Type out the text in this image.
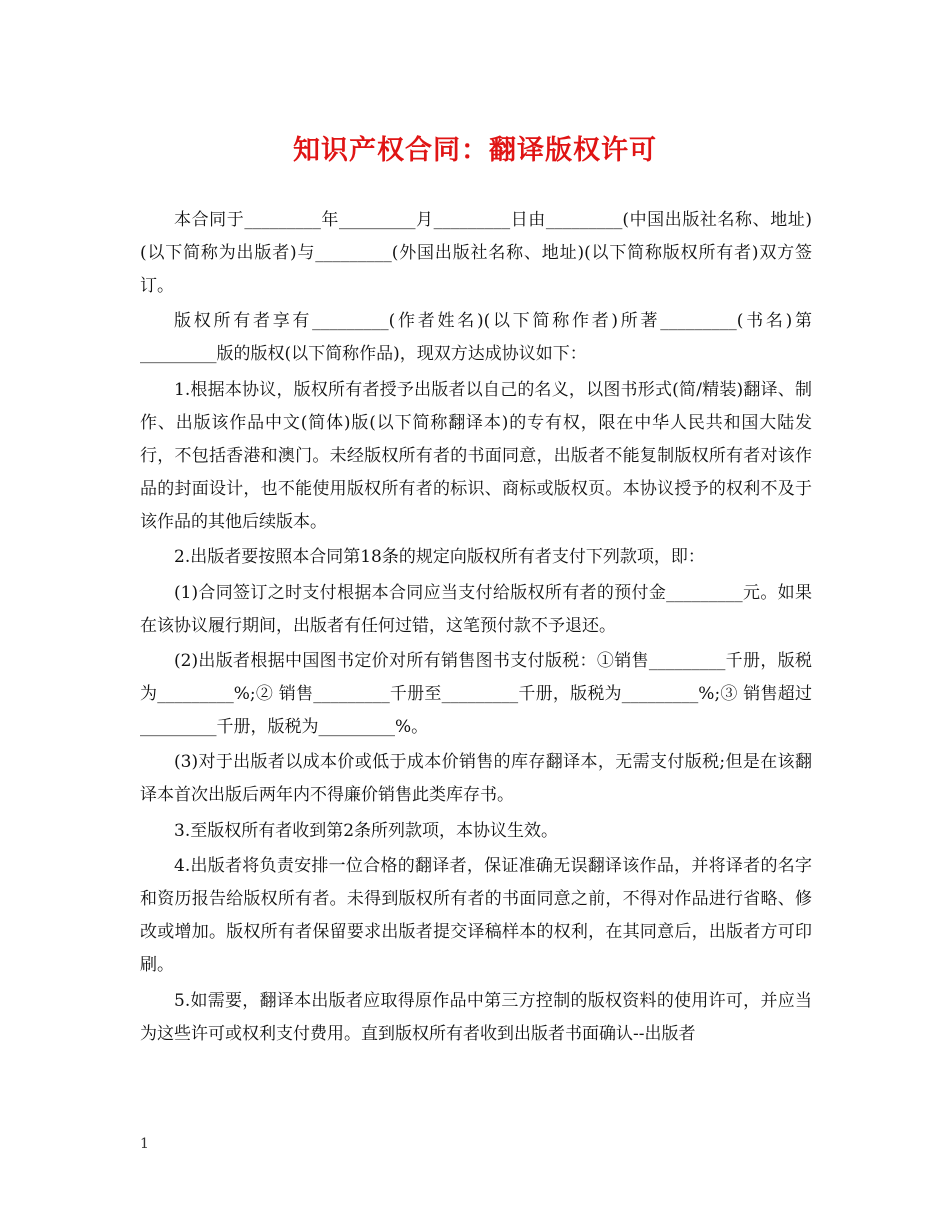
知识产权合同：翻译版权许可

本合同于_________年_________月_________日由_________(中国出版社名称、地址)(以下简称为出版者)与_________(外国出版社名称、地址)(以下简称版权所有者)双方签订。

版权所有者享有_________(作者姓名)(以下简称作者)所著_________(书名)第_________版的版权(以下简称作品)，现双方达成协议如下：

1.根据本协议，版权所有者授予出版者以自己的名义，以图书形式(简/精装)翻译、制作、出版该作品中文(简体)版(以下简称翻译本)的专有权，限在中华人民共和国大陆发行，不包括香港和澳门。未经版权所有者的书面同意，出版者不能复制版权所有者对该作品的封面设计，也不能使用版权所有者的标识、商标或版权页。本协议授予的权利不及于该作品的其他后续版本。

2.出版者要按照本合同第18条的规定向版权所有者支付下列款项，即：

(1)合同签订之时支付根据本合同应当支付给版权所有者的预付金_________元。如果在该协议履行期间，出版者有任何过错，这笔预付款不予退还。

(2)出版者根据中国图书定价对所有销售图书支付版税：①销售_________千册，版税为_________%;② 销售_________千册至_________千册，版税为_________%;③ 销售超过_________千册，版税为_________%。

(3)对于出版者以成本价或低于成本价销售的库存翻译本，无需支付版税;但是在该翻译本首次出版后两年内不得廉价销售此类库存书。

3.至版权所有者收到第2条所列款项，本协议生效。

4.出版者将负责安排一位合格的翻译者，保证准确无误翻译该作品，并将译者的名字和资历报告给版权所有者。未得到版权所有者的书面同意之前，不得对作品进行省略、修改或增加。版权所有者保留要求出版者提交译稿样本的权利，在其同意后，出版者方可印刷。

5.如需要，翻译本出版者应取得原作品中第三方控制的版权资料的使用许可，并应当为这些许可或权利支付费用。直到版权所有者收到出版者书面确认--出版者

1
